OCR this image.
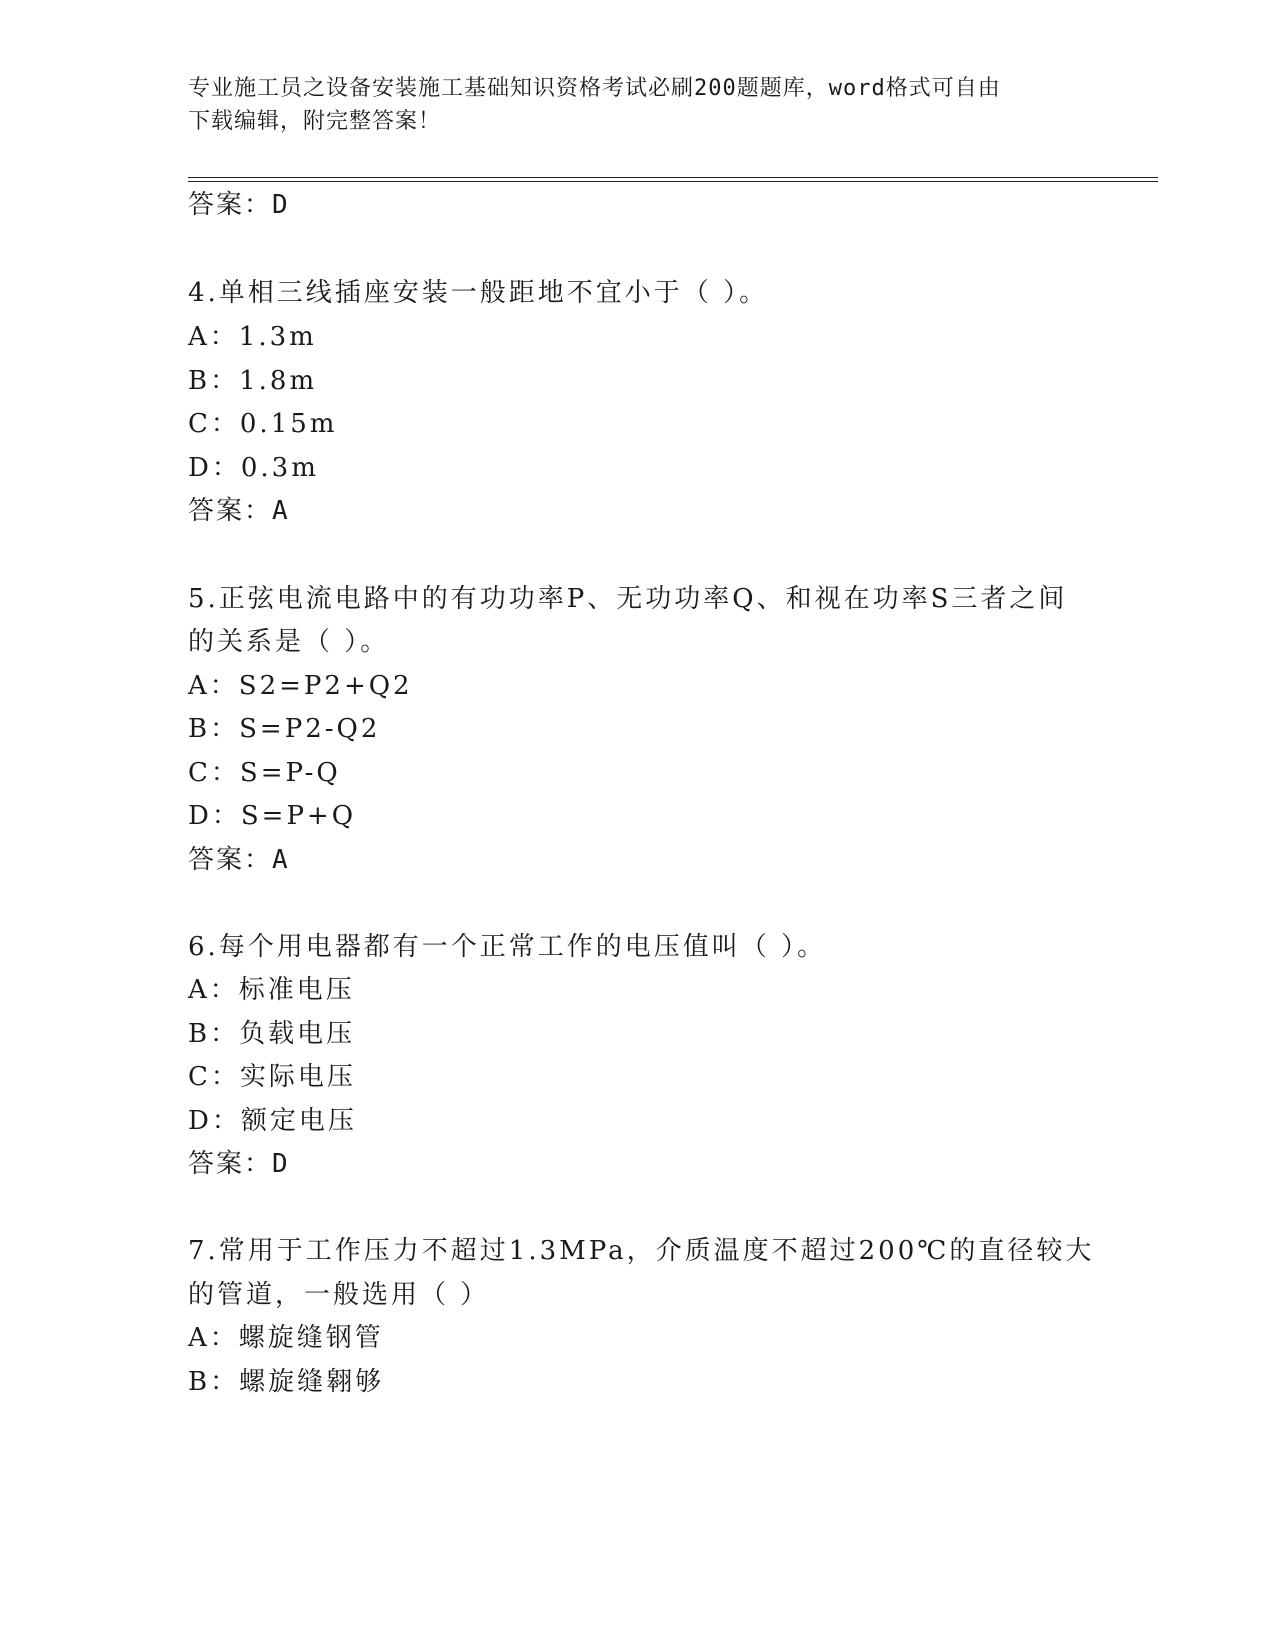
专业施工员之设备安装施工基础知识资格考试必刷200题题库，word格式可自由
下载编辑，附完整答案！
答案：D
4.单相三线插座安装一般距地不宜小于（ ）。
A：1.3m
B：1.8m
C：0.15m
D：0.3m
答案：A
5.正弦电流电路中的有功功率P、无功功率Q、和视在功率S三者之间
的关系是（ ）。
A：S2=P2+Q2
B：S=P2-Q2
C：S=P-Q
D：S=P+Q
答案：A
6.每个用电器都有一个正常工作的电压值叫（ ）。
A：标准电压
B：负载电压
C：实际电压
D：额定电压
答案：D
7.常用于工作压力不超过1.3MPa，介质温度不超过200℃的直径较大
的管道，一般选用（ ）
A：螺旋缝钢管
B：螺旋缝翱够
